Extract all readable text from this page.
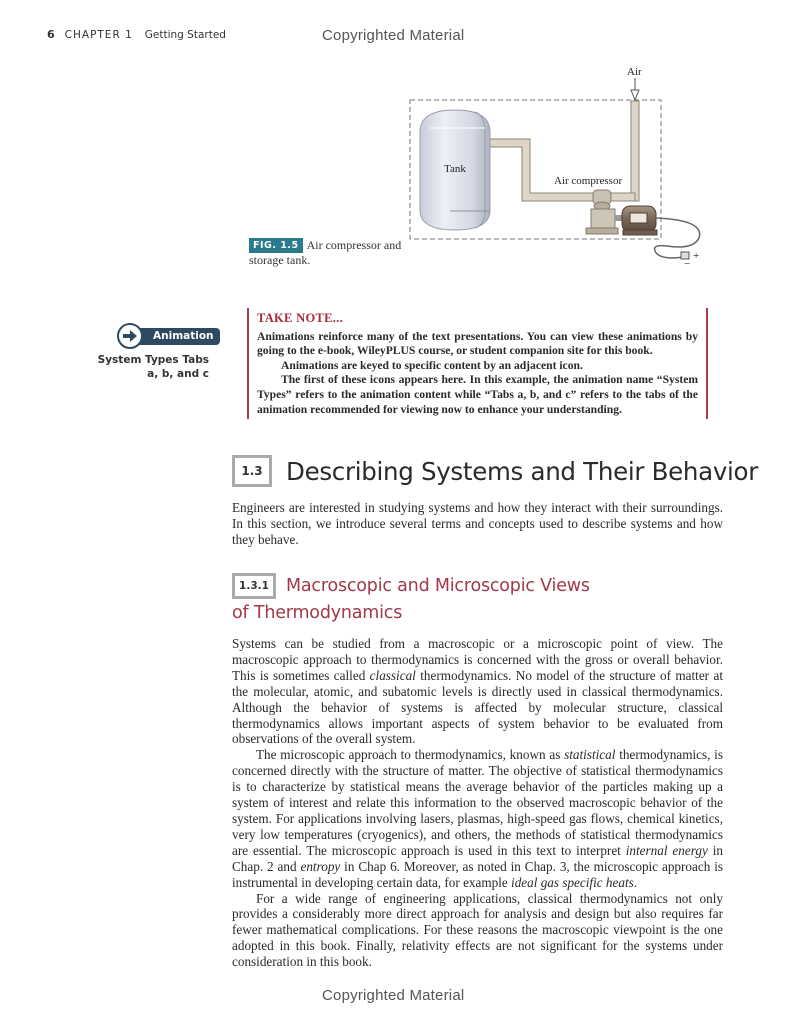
6 CHAPTER 1 Getting Started	Copyrighted Material
+
−
Air
Tank
Air compressor
FIG. 1.5 Air compressor and storage tank.
Animation
System Types Tabs a, b, and c
TAKE NOTE...

Animations reinforce many of the text presentations. You can view these animations by going to the e-book, WileyPLUS course, or student companion site for this book.

Animations are keyed to specific content by an adjacent icon.

The first of these icons appears here. In this example, the animation name “System Types” refers to the animation content while “Tabs a, b, and c” refers to the tabs of the animation recommended for viewing now to enhance your understanding.

1.3 Describing Systems and Their Behavior

Engineers are interested in studying systems and how they interact with their surroundings. In this section, we introduce several terms and concepts used to describe systems and how they behave.

1.3.1 Macroscopic and Microscopic Views
of Thermodynamics

Systems can be studied from a macroscopic or a microscopic point of view. The macroscopic approach to thermodynamics is concerned with the gross or overall behavior. This is sometimes called classical thermodynamics. No model of the structure of matter at the molecular, atomic, and subatomic levels is directly used in classical thermodynamics. Although the behavior of systems is affected by molecular structure, classical thermodynamics allows important aspects of system behavior to be evaluated from observations of the overall system.

The microscopic approach to thermodynamics, known as statistical thermodynamics, is concerned directly with the structure of matter. The objective of statistical thermodynamics is to characterize by statistical means the average behavior of the particles making up a system of interest and relate this information to the observed macroscopic behavior of the system. For applications involving lasers, plasmas, high-speed gas flows, chemical kinetics, very low temperatures (cryogenics), and others, the methods of statistical thermodynamics are essential. The microscopic approach is used in this text to interpret internal energy in Chap. 2 and entropy in Chap 6. Moreover, as noted in Chap. 3, the microscopic approach is instrumental in developing certain data, for example ideal gas specific heats.

For a wide range of engineering applications, classical thermodynamics not only provides a considerably more direct approach for analysis and design but also requires far fewer mathematical complications. For these reasons the macroscopic viewpoint is the one adopted in this book. Finally, relativity effects are not significant for the systems under consideration in this book.

Copyrighted Material
